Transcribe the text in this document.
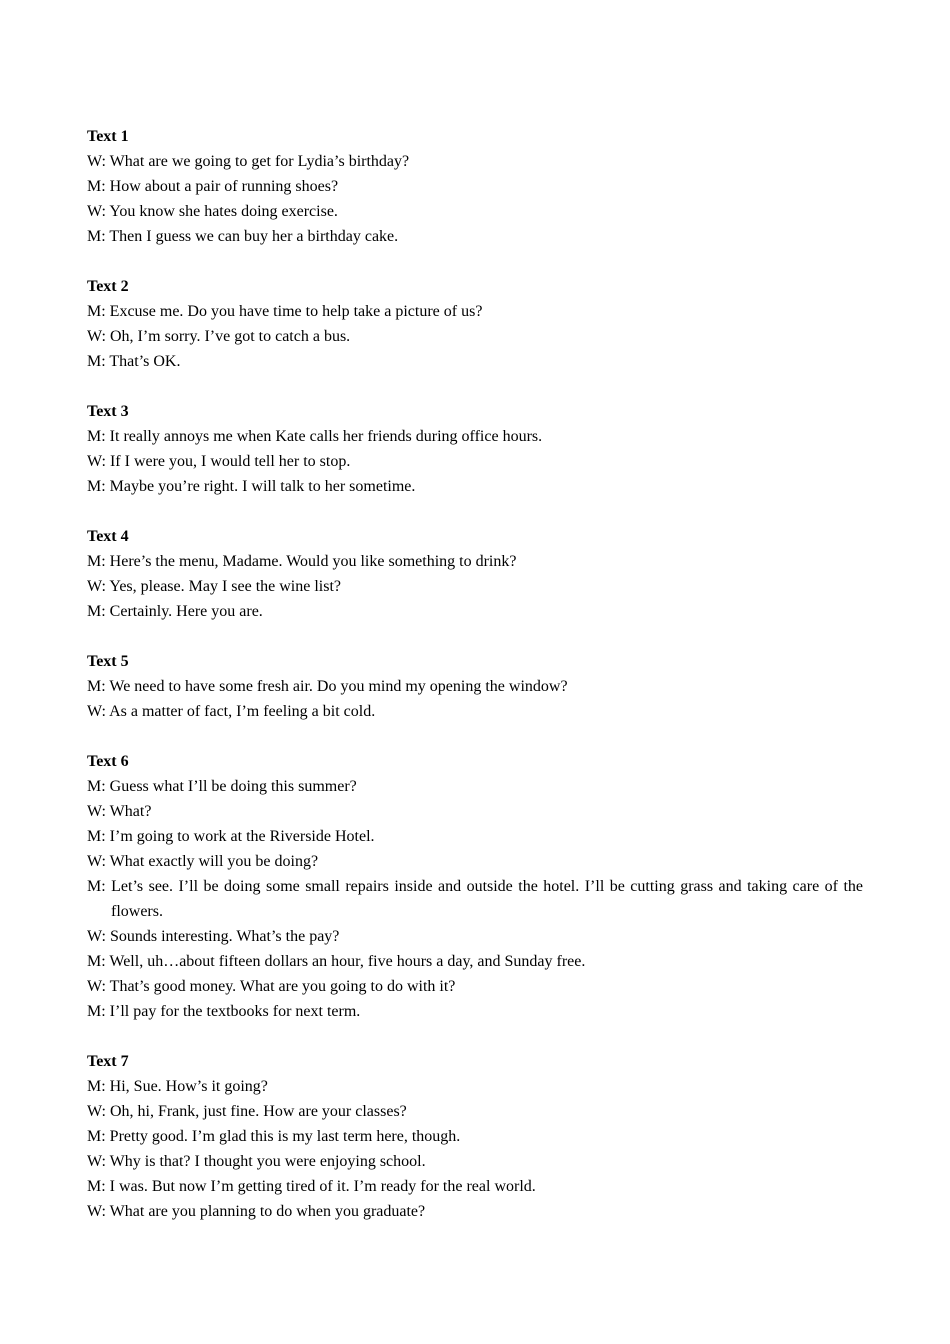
Text 1
W: What are we going to get for Lydia’s birthday?
M: How about a pair of running shoes?
W: You know she hates doing exercise.
M: Then I guess we can buy her a birthday cake.
Text 2
M: Excuse me. Do you have time to help take a picture of us?
W: Oh, I’m sorry. I’ve got to catch a bus.
M: That’s OK.
Text 3
M: It really annoys me when Kate calls her friends during office hours.
W: If I were you, I would tell her to stop.
M: Maybe you’re right. I will talk to her sometime.
Text 4
M: Here’s the menu, Madame. Would you like something to drink?
W: Yes, please. May I see the wine list?
M: Certainly. Here you are.
Text 5
M: We need to have some fresh air. Do you mind my opening the window?
W: As a matter of fact, I’m feeling a bit cold.
Text 6
M: Guess what I’ll be doing this summer?
W: What?
M: I’m going to work at the Riverside Hotel.
W: What exactly will you be doing?
M: Let’s see. I’ll be doing some small repairs inside and outside the hotel. I’ll be cutting grass and taking care of the flowers.
W: Sounds interesting. What’s the pay?
M: Well, uh…about fifteen dollars an hour, five hours a day, and Sunday free.
W: That’s good money. What are you going to do with it?
M: I’ll pay for the textbooks for next term.
Text 7
M: Hi, Sue. How’s it going?
W: Oh, hi, Frank, just fine. How are your classes?
M: Pretty good. I’m glad this is my last term here, though.
W: Why is that? I thought you were enjoying school.
M: I was. But now I’m getting tired of it. I’m ready for the real world.
W: What are you planning to do when you graduate?
